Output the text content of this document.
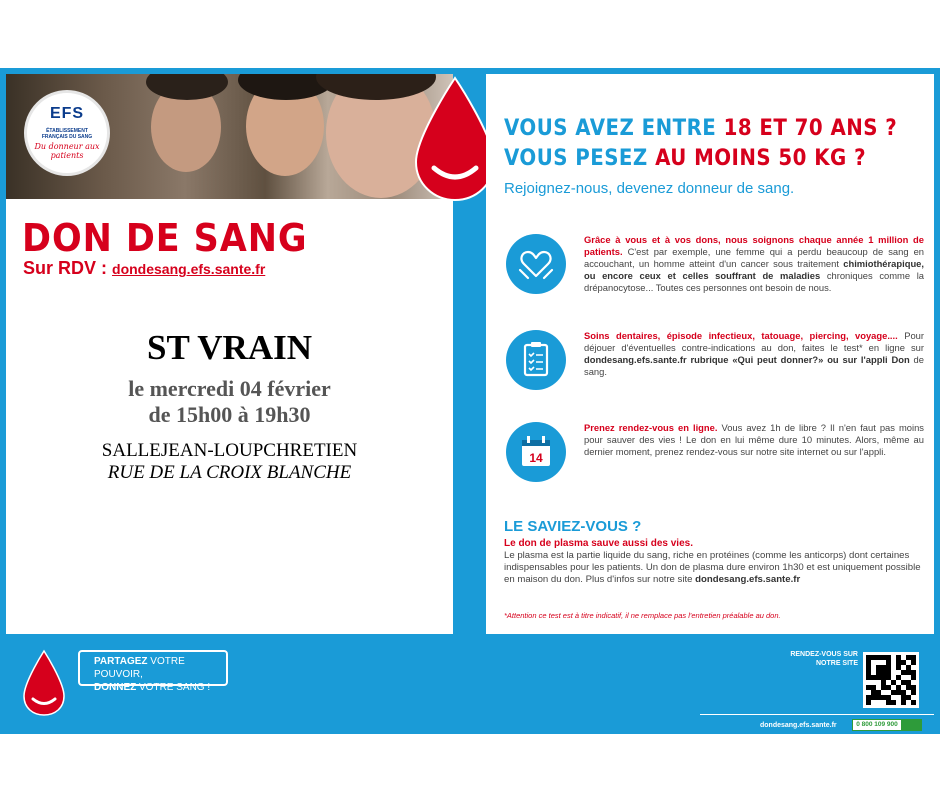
EFS
ÉTABLISSEMENT FRANÇAIS DU SANG
Du donneur aux patients
DON DE SANG
Sur RDV : dondesang.efs.sante.fr
ST VRAIN
le mercredi 04 février
de 15h00 à 19h30
SALLEJEAN-LOUPCHRETIEN
RUE DE LA CROIX BLANCHE
VOUS AVEZ ENTRE 18 ET 70 ANS ?
VOUS PESEZ AU MOINS 50 KG ?
Rejoignez-nous, devenez donneur de sang.
Grâce à vous et à vos dons, nous soignons chaque année 1 million de patients. C'est par exemple, une femme qui a perdu beaucoup de sang en accouchant, un homme atteint d'un cancer sous traitement chimiothérapique, ou encore ceux et celles souffrant de maladies chroniques comme la drépanocytose... Toutes ces personnes ont besoin de nous.
Soins dentaires, épisode infectieux, tatouage, piercing, voyage.... Pour déjouer d'éventuelles contre-indications au don, faites le test* en ligne sur dondesang.efs.sante.fr rubrique «Qui peut donner?» ou sur l'appli Don de sang.
14
Prenez rendez-vous en ligne. Vous avez 1h de libre ? Il n'en faut pas moins pour sauver des vies ! Le don en lui même dure 10 minutes. Alors, même au dernier moment, prenez rendez-vous sur notre site internet ou sur l'appli.
LE SAVIEZ-VOUS ?
Le don de plasma sauve aussi des vies.
Le plasma est la partie liquide du sang, riche en protéines (comme les anticorps) dont certaines indispensables pour les patients. Un don de plasma dure environ 1h30 et est uniquement possible en maison du don. Plus d'infos sur notre site dondesang.efs.sante.fr
*Attention ce test est à titre indicatif, il ne remplace pas l'entretien préalable au don.
PARTAGEZ VOTRE POUVOIR,
DONNEZ VOTRE SANG !
RENDEZ-VOUS SUR NOTRE SITE
dondesang.efs.sante.fr	0 800 109 900
